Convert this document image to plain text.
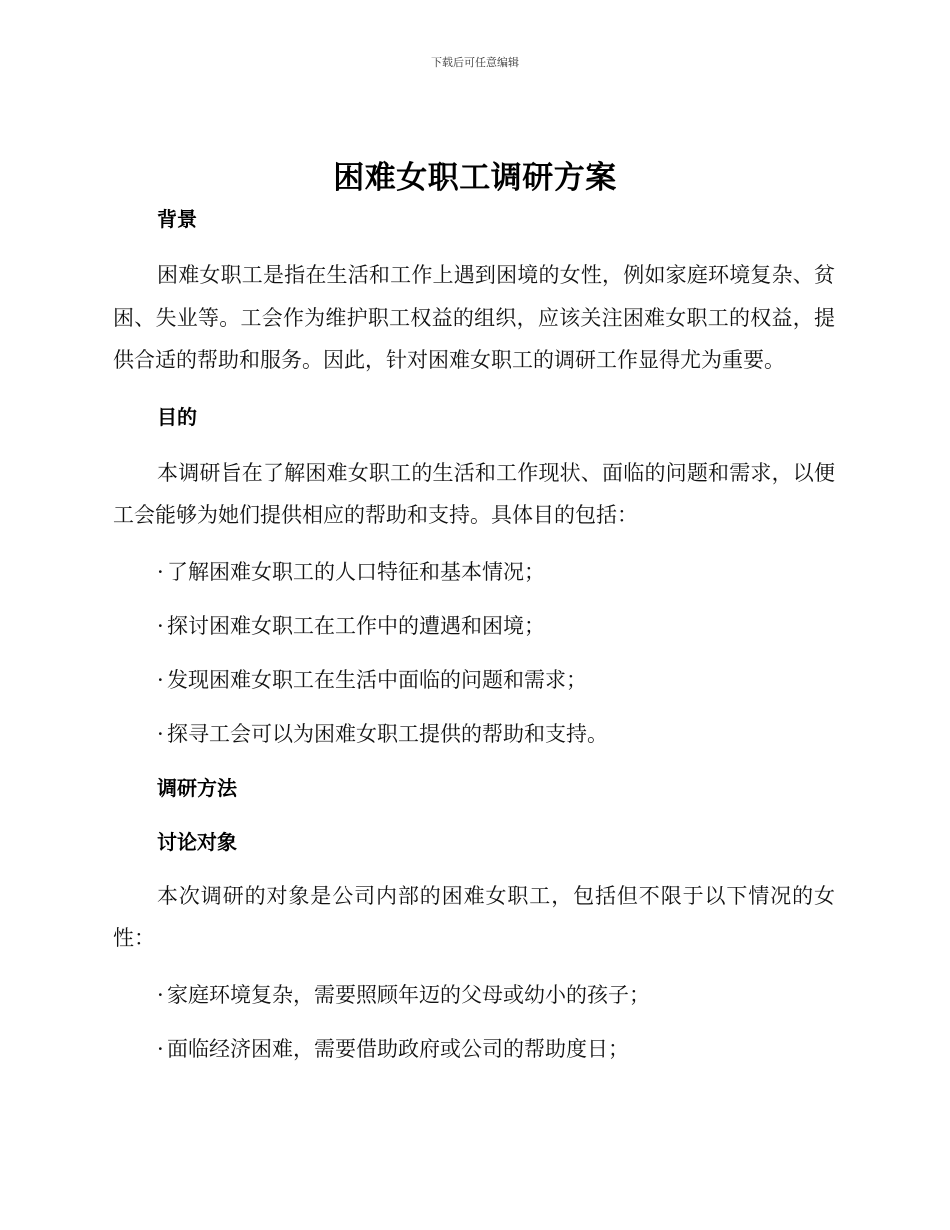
下载后可任意编辑
困难女职工调研方案

背景

困难女职工是指在生活和工作上遇到困境的女性，例如家庭环境复杂、贫困、失业等。工会作为维护职工权益的组织，应该关注困难女职工的权益，提供合适的帮助和服务。因此，针对困难女职工的调研工作显得尤为重要。

目的

本调研旨在了解困难女职工的生活和工作现状、面临的问题和需求，以便工会能够为她们提供相应的帮助和支持。具体目的包括：

· 了解困难女职工的人口特征和基本情况；
· 探讨困难女职工在工作中的遭遇和困境；
· 发现困难女职工在生活中面临的问题和需求；
· 探寻工会可以为困难女职工提供的帮助和支持。

调研方法

讨论对象

本次调研的对象是公司内部的困难女职工，包括但不限于以下情况的女性：

· 家庭环境复杂，需要照顾年迈的父母或幼小的孩子；
· 面临经济困难，需要借助政府或公司的帮助度日；
